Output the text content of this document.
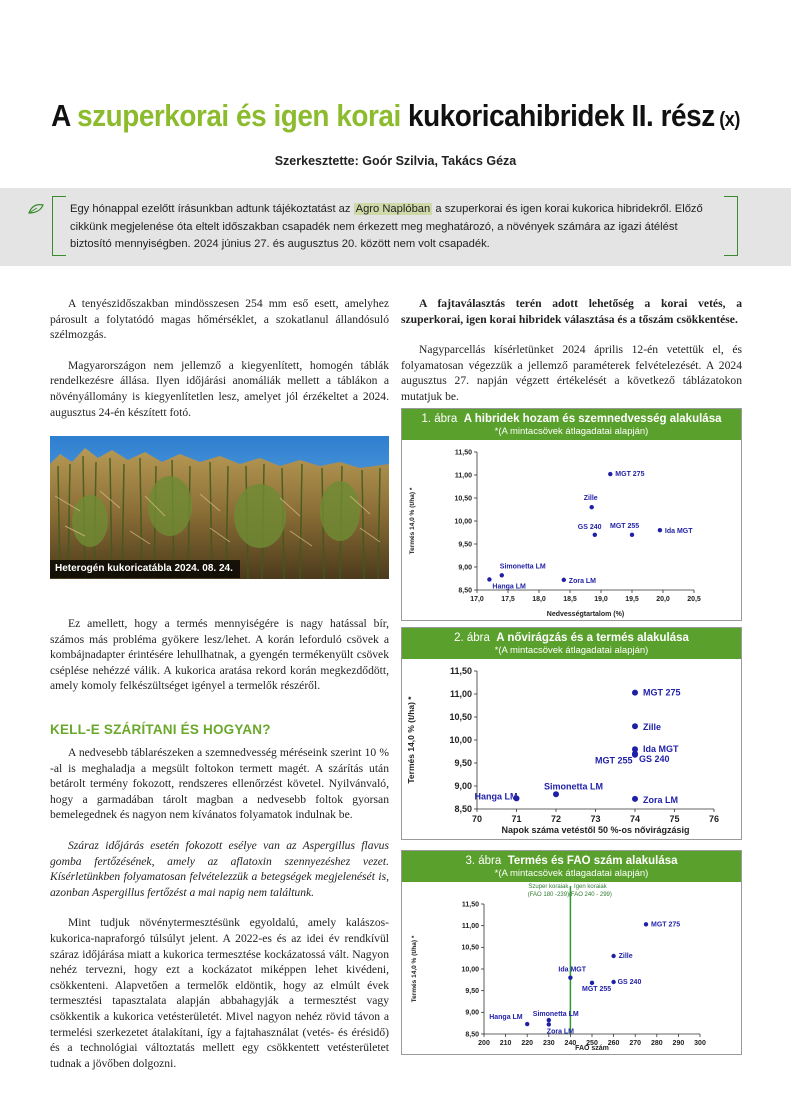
A szuperkorai és igen korai kukoricahibridek II. rész (x)
Szerkesztette: Goór Szilvia, Takács Géza
Egy hónappal ezelőtt írásunkban adtunk tájékoztatást az Agro Naplóban a szuperkorai és igen korai kukorica hibridekről. Előző cikkünk megjelenése óta eltelt időszakban csapadék nem érkezett meg meghatározó, a növények számára az igazi átélést biztosító mennyiségben. 2024 június 27. és augusztus 20. között nem volt csapadék.

A tenyészidőszakban mindösszesen 254 mm eső esett, amelyhez párosult a folytatódó magas hőmérséklet, a szokatlanul állandósuló szélmozgás.

Magyarországon nem jellemző a kiegyenlített, homogén táblák rendelkezésre állása. Ilyen időjárási anomáliák mellett a táblákon a növényállomány is kiegyenlítetlen lesz, amelyet jól érzékeltet a 2024. augusztus 24-én készített fotó.

Heterogén kukoricatábla 2024. 08. 24.

Ez amellett, hogy a termés mennyiségére is nagy hatással bír, számos más probléma gyökere lesz/lehet. A korán leforduló csövek a kombájnadapter érintésére lehullhatnak, a gyengén termékenyült csövek cséplése nehézzé válik. A kukorica aratása rekord korán megkezdődött, amely komoly felkészültséget igényel a termelők részéről.

KELL-E SZÁRÍTANI ÉS HOGYAN?

A nedvesebb táblarészeken a szemnedvesség méréseink szerint 10 % -al is meghaladja a megsült foltokon termett magét. A szárítás után betárolt termény fokozott, rendszeres ellenőrzést követel. Nyilvánvaló, hogy a garmadában tárolt magban a nedvesebb foltok gyorsan bemelegednek és nagyon nem kívánatos folyamatok indulnak be.

Száraz időjárás esetén fokozott esélye van az Aspergillus flavus gomba fertőzésének, amely az aflatoxin szennyezéshez vezet. Kísérletünkben folyamatosan felvételezzük a betegségek megjelenését is, azonban Aspergillus fertőzést a mai napig nem találtunk.

Mint tudjuk növénytermesztésünk egyoldalú, amely kalászos-kukorica-napraforgó túlsúlyt jelent. A 2022-es és az idei év rendkívül száraz időjárása miatt a kukorica termesztése kockázatossá vált. Nagyon nehéz tervezni, hogy ezt a kockázatot miképpen lehet kivédeni, csökkenteni. Alapvetően a termelők eldöntik, hogy az elmúlt évek termesztési tapasztalata alapján abbahagyják a termesztést vagy csökkentik a kukorica vetésterületét. Mivel nagyon nehéz rövid távon a termelési szerkezetet átalakítani, így a fajtahasználat (vetés- és érésidő) és a technológiai változtatás mellett egy csökkentett vetésterületet tudnak a jövőben dolgozni.

A fajtaválasztás terén adott lehetőség a korai vetés, a szuperkorai, igen korai hibridek választása és a tőszám csökkentése.

Nagyparcellás kísérletünket 2024 április 12-én vetettük el, és folyamatosan végezzük a jellemző paraméterek felvételezését. A 2024 augusztus 27. napján végzett értékelését a következő táblázatokon mutatjuk be.

1. ábra A hibridek hozam és szemnedvesség alakulása
*(A mintacsövek átlagadatai alapján)
8,50
9,00
9,50
10,00
10,50
11,00
11,50
17,0 17,5 18,0 18,5 19,0 19,5 20,0 20,5
Nedvességtartalom (%)
Termés 14,0 % (t/ha) *
MGT 275
Zille
GS 240 MGT 255
Ida MGT
Simonetta LM
Hanga LM
Zora LM
2. ábra A nővirágzás és a termés alakulása
*(A mintacsövek átlagadatai alapján)
8,50
9,00
9,50
10,00
10,50
11,00
11,50
70	71	72	73	74	75	76
Napok száma vetéstől 50 %-os nővirágzásig
Termés 14,0 % (t/ha) *
MGT 275
Zille
Ida MGT
GS 240
MGT 255
Hanga LM
Simonetta LM
Zora LM
3. ábra Termés és FAO szám alakulása
*(A mintacsövek átlagadatai alapján)
8,50
9,00
9,50
10,00
10,50
11,00
11,50
200 210 220 230 240 250 260 270 280 290 300
FAO szám
Termés 14,0 % (t/ha) *
Szuper koraiak
(FAO 180 -239)
Igen koraiak
(FAO 240 - 299)
MGT 275
Zille
Ida MGT
GS 240
MGT 255
Hanga LM Simonetta LM
Zora LM
